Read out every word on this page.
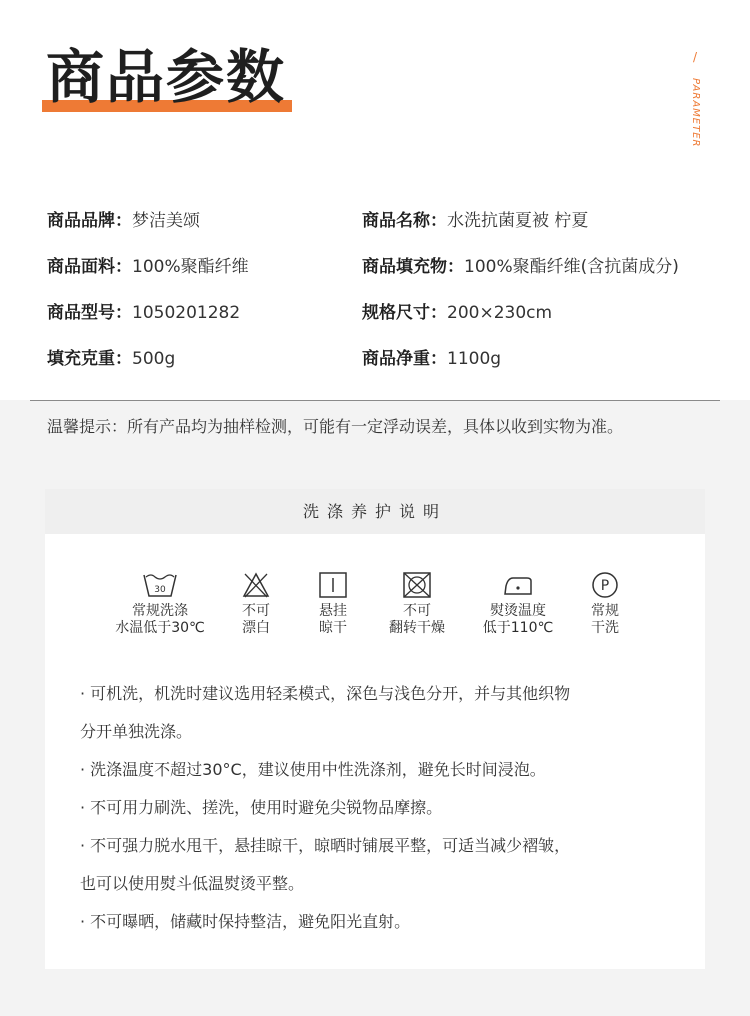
商品参数	/
PARAMETER
商品品牌：梦洁美颂	商品名称：水洗抗菌夏被 柠夏
商品面料：100%聚酯纤维	商品填充物：100%聚酯纤维(含抗菌成分)
商品型号：1050201282	规格尺寸：200×230cm
填充克重：500g	商品净重：1100g
温馨提示：所有产品均为抽样检测，可能有一定浮动误差，具体以收到实物为准。
洗涤养护说明
30
常规洗涤
水温低于30℃
不可
漂白
悬挂
晾干
不可
翻转干燥
熨烫温度
低于110℃
P
常规
干洗
· 可机洗，机洗时建议选用轻柔模式，深色与浅色分开，并与其他织物
分开单独洗涤。
· 洗涤温度不超过30°C，建议使用中性洗涤剂，避免长时间浸泡。
· 不可用力刷洗、搓洗，使用时避免尖锐物品摩擦。
· 不可强力脱水甩干，悬挂晾干，晾晒时铺展平整，可适当减少褶皱，
也可以使用熨斗低温熨烫平整。
· 不可曝晒，储藏时保持整洁，避免阳光直射。
